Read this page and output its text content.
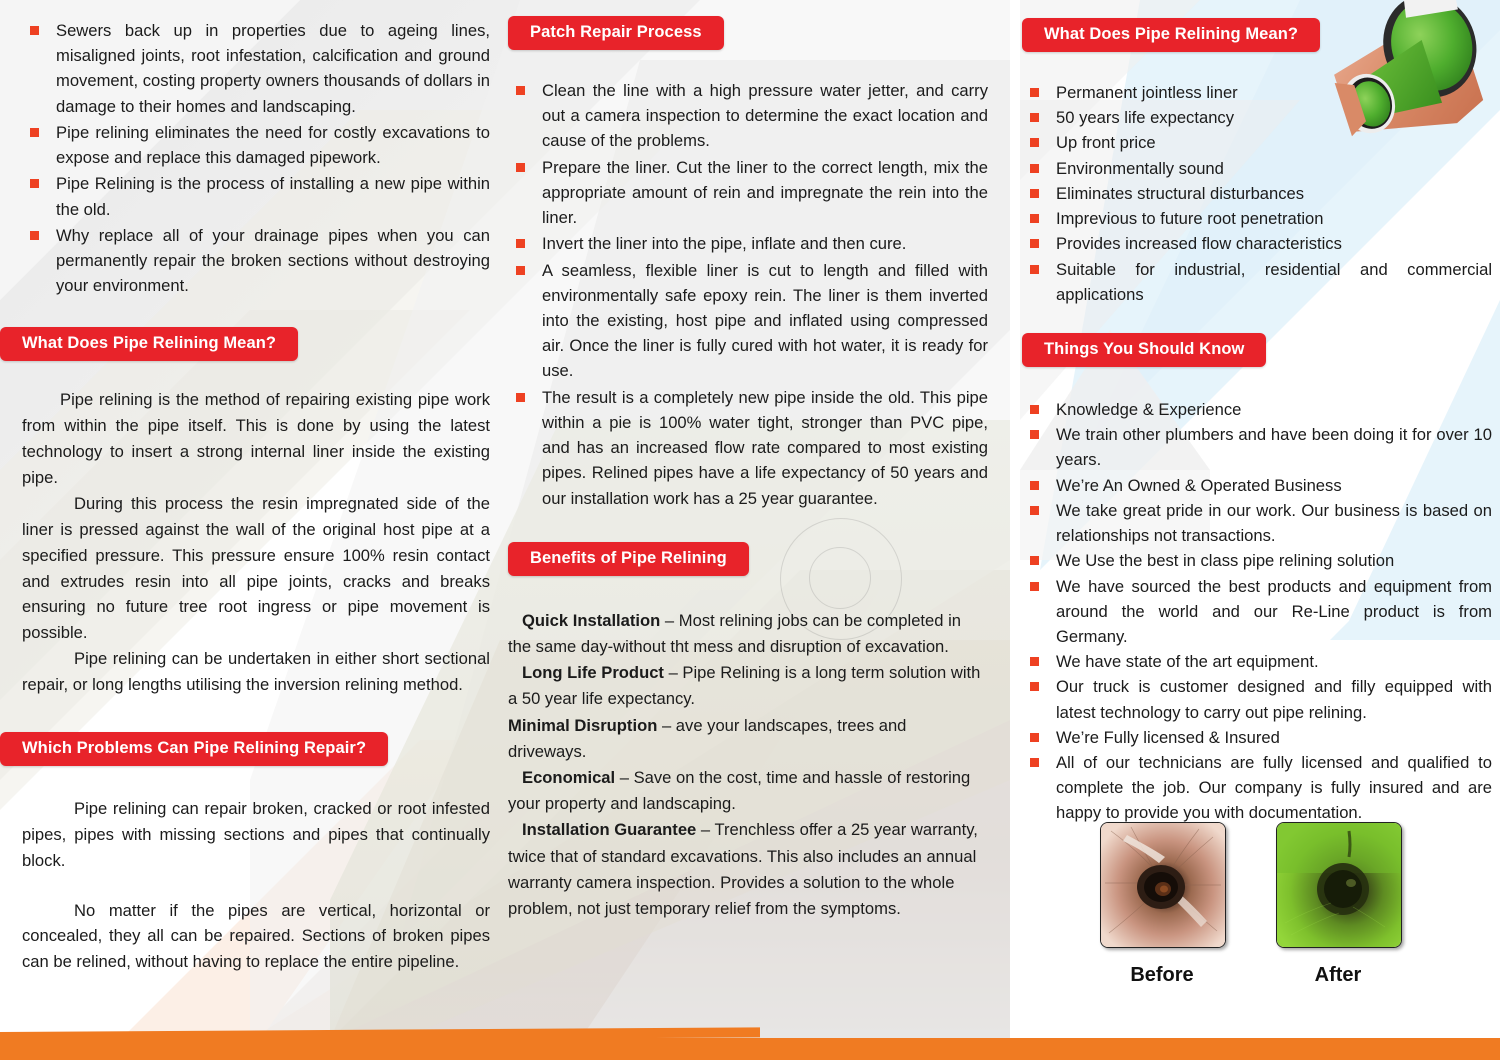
Sewers back up in properties due to ageing lines, misaligned joints, root infestation, calcification and ground movement, costing property owners thousands of dollars in damage to their homes and landscaping.
Pipe relining eliminates the need for costly excavations to expose and replace this damaged pipework.
Pipe Relining is the process of installing a new pipe within the old.
Why replace all of your drainage pipes when you can permanently repair the broken sections without destroying your environment.
What Does Pipe Relining Mean?

Pipe relining is the method of repairing existing pipe work from within the pipe itself. This is done by using the latest technology to insert a strong internal liner inside the existing pipe.

During this process the resin impregnated side of the liner is pressed against the wall of the original host pipe at a specified pressure. This pressure ensure 100% resin contact and extrudes resin into all pipe joints, cracks and breaks ensuring no future tree root ingress or pipe movement is possible.

Pipe relining can be undertaken in either short sectional repair, or long lengths utilising the inversion relining method.

Which Problems Can Pipe Relining Repair?

Pipe relining can repair broken, cracked or root infested pipes, pipes with missing sections and pipes that continually block.

No matter if the pipes are vertical, horizontal or concealed, they all can be repaired. Sections of broken pipes can be relined, without having to replace the entire pipeline.

Patch Repair Process
Clean the line with a high pressure water jetter, and carry out a camera inspection to determine the exact location and cause of the problems.
Prepare the liner. Cut the liner to the correct length, mix the appropriate amount of rein and impregnate the rein into the liner.
Invert the liner into the pipe, inflate and then cure.
A seamless, flexible liner is cut to length and filled with environmentally safe epoxy rein. The liner is them inverted into the existing, host pipe and inflated using compressed air. Once the liner is fully cured with hot water, it is ready for use.
The result is a completely new pipe inside the old. This pipe within a pie is 100% water tight, stronger than PVC pipe, and has an increased flow rate compared to most existing pipes. Relined pipes have a life expectancy of 50 years and our installation work has a 25 year guarantee.
Benefits of Pipe Relining

Quick Installation – Most relining jobs can be completed in the same day-without tht mess and disruption of excavation.

Long Life Product – Pipe Relining is a long term solution with a 50 year life expectancy.

Minimal Disruption – ave your landscapes, trees and driveways.

Economical – Save on the cost, time and hassle of restoring your property and landscaping.

Installation Guarantee – Trenchless offer a 25 year warranty, twice that of standard excavations. This also includes an annual warranty camera inspection. Provides a solution to the whole problem, not just temporary relief from the symptoms.

What Does Pipe Relining Mean?
Permanent jointless liner
50 years life expectancy
Up front price
Environmentally sound
Eliminates structural disturbances
Imprevious to future root penetration
Provides increased flow characteristics
Suitable for industrial, residential and commercial applications
Things You Should Know
Knowledge & Experience
We train other plumbers and have been doing it for over 10 years.
We’re An Owned & Operated Business
We take great pride in our work. Our business is based on relationships not transactions.
We Use the best in class pipe relining solution
We have sourced the best products and equipment from around the world and our Re-Line product is from Germany.
We have state of the art equipment.
Our truck is customer designed and filly equipped with latest technology to carry out pipe relining.
We’re Fully licensed & Insured
All of our technicians are fully licensed and qualified to complete the job. Our company is fully insured and are happy to provide you with documentation.
Before	After
